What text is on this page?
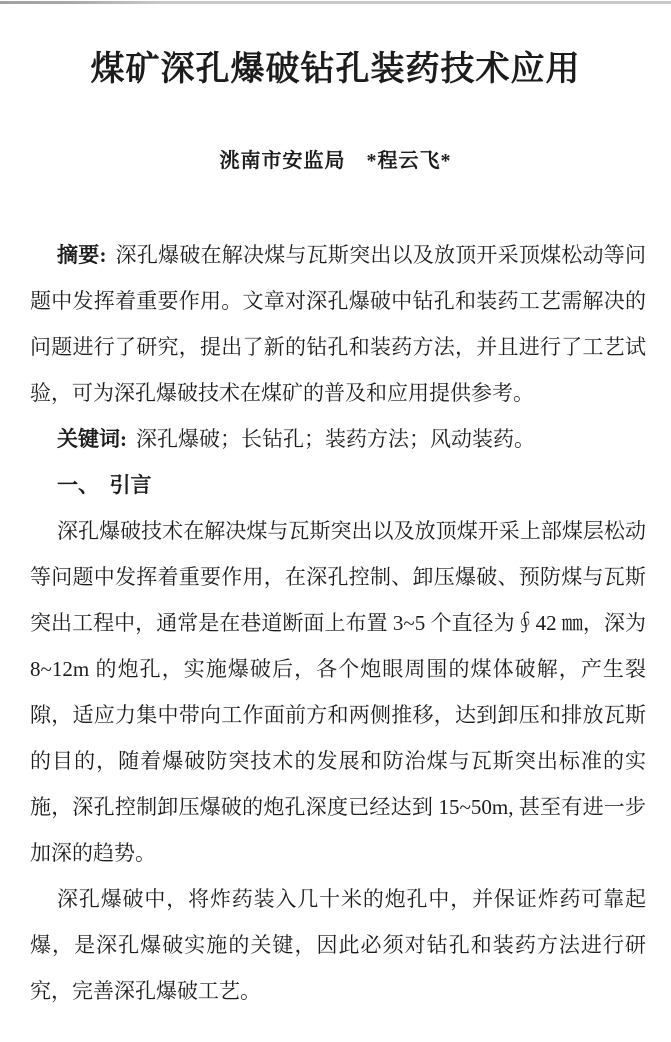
煤矿深孔爆破钻孔装药技术应用
洮南市安监局　*程云飞*

摘要: 深孔爆破在解决煤与瓦斯突出以及放顶开采顶煤松动等问题中发挥着重要作用。文章对深孔爆破中钻孔和装药工艺需解决的问题进行了研究，提出了新的钻孔和装药方法，并且进行了工艺试验，可为深孔爆破技术在煤矿的普及和应用提供参考。

关键词: 深孔爆破；长钻孔；装药方法；风动装药。

一、　引言

深孔爆破技术在解决煤与瓦斯突出以及放顶煤开采上部煤层松动等问题中发挥着重要作用，在深孔控制、卸压爆破、预防煤与瓦斯突出工程中，通常是在巷道断面上布置 3~5 个直径为∮42 ㎜，深为 8~12m 的炮孔，实施爆破后，各个炮眼周围的煤体破解，产生裂隙，适应力集中带向工作面前方和两侧推移，达到卸压和排放瓦斯的目的，随着爆破防突技术的发展和防治煤与瓦斯突出标准的实施，深孔控制卸压爆破的炮孔深度已经达到 15~50m, 甚至有进一步加深的趋势。

深孔爆破中，将炸药装入几十米的炮孔中，并保证炸药可靠起爆，是深孔爆破实施的关键，因此必须对钻孔和装药方法进行研究，完善深孔爆破工艺。
